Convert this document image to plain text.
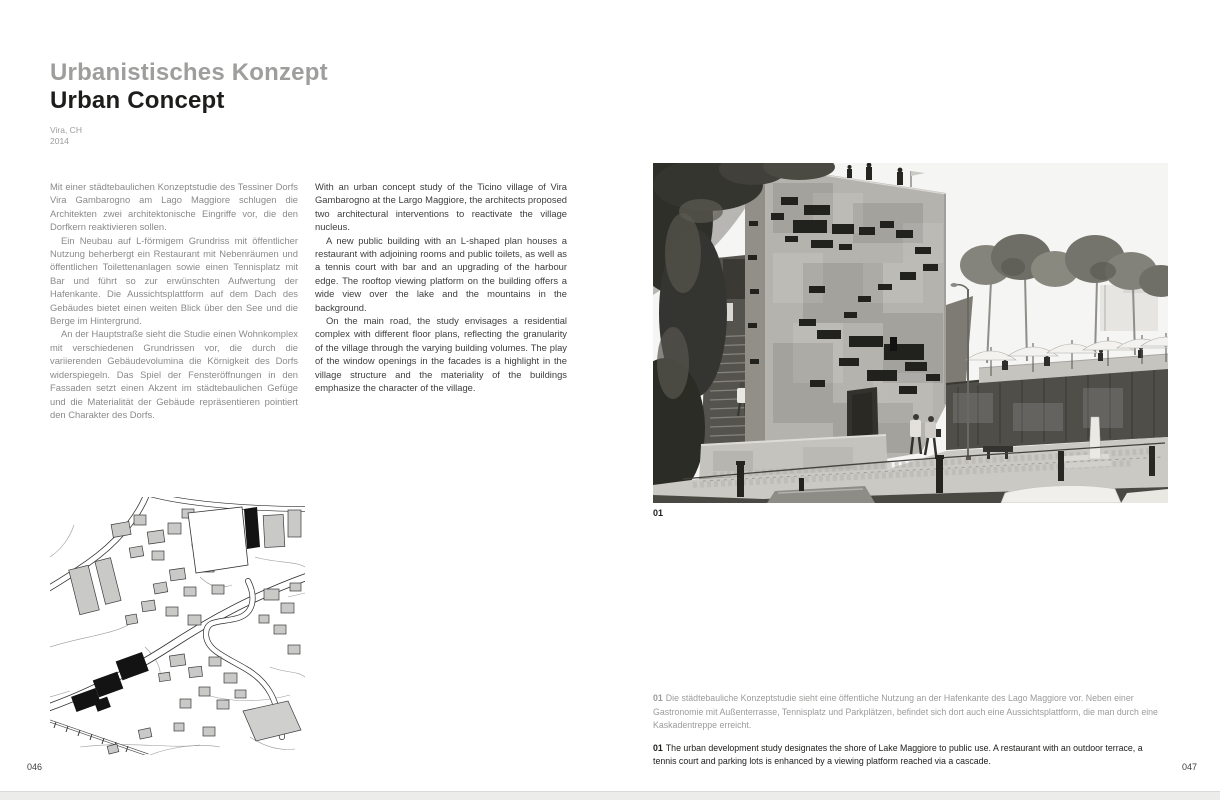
Urbanistisches Konzept
Urban Concept
Vira, CH
2014

Mit einer städtebaulichen Konzeptstudie des Tessiner Dorfs Vira Gambarogno am Lago Maggiore schlugen die Architekten zwei architektonische Eingriffe vor, die den Dorfkern reaktivieren sollen.

Ein Neubau auf L-förmigem Grundriss mit öffentlicher Nutzung beherbergt ein Restaurant mit Nebenräumen und öffentlichen Toilettenanlagen sowie einen Tennisplatz mit Bar und führt so zur erwünschten Aufwertung der Hafenkante. Die Aussichtsplattform auf dem Dach des Gebäudes bietet einen weiten Blick über den See und die Berge im Hintergrund.

An der Hauptstraße sieht die Studie einen Wohnkomplex mit verschiedenen Grundrissen vor, die durch die variierenden Gebäudevolumina die Körnigkeit des Dorfs widerspiegeln. Das Spiel der Fensteröffnungen in den Fassaden setzt einen Akzent im städtebaulichen Gefüge und die Materialität der Gebäude repräsentieren pointiert den Charakter des Dorfs.

With an urban concept study of the Ticino village of Vira Gambarogno at the Largo Maggiore, the architects proposed two architectural interventions to reactivate the village nucleus.

A new public building with an L-shaped plan houses a restaurant with adjoining rooms and public toilets, as well as a tennis court with bar and an upgrading of the harbour edge. The rooftop viewing platform on the building offers a wide view over the lake and the mountains in the background.

On the main road, the study envisages a residential complex with different floor plans, reflecting the granularity of the village through the varying building volumes. The play of the window openings in the facades is a highlight in the village structure and the materiality of the buildings emphasize the character of the village.

01

01 Die städtebauliche Konzeptstudie sieht eine öffentliche Nutzung an der Hafenkante des Lago Maggiore vor. Neben einer Gastronomie mit Außenterrasse, Tennisplatz und Parkplätzen, befindet sich dort auch eine Aussichtsplattform, die man durch eine Kaskadentreppe erreicht.

01 The urban development study designates the shore of Lake Maggiore to public use. A restaurant with an outdoor terrace, a tennis court and parking lots is enhanced by a viewing platform reached via a cascade.

046	047
